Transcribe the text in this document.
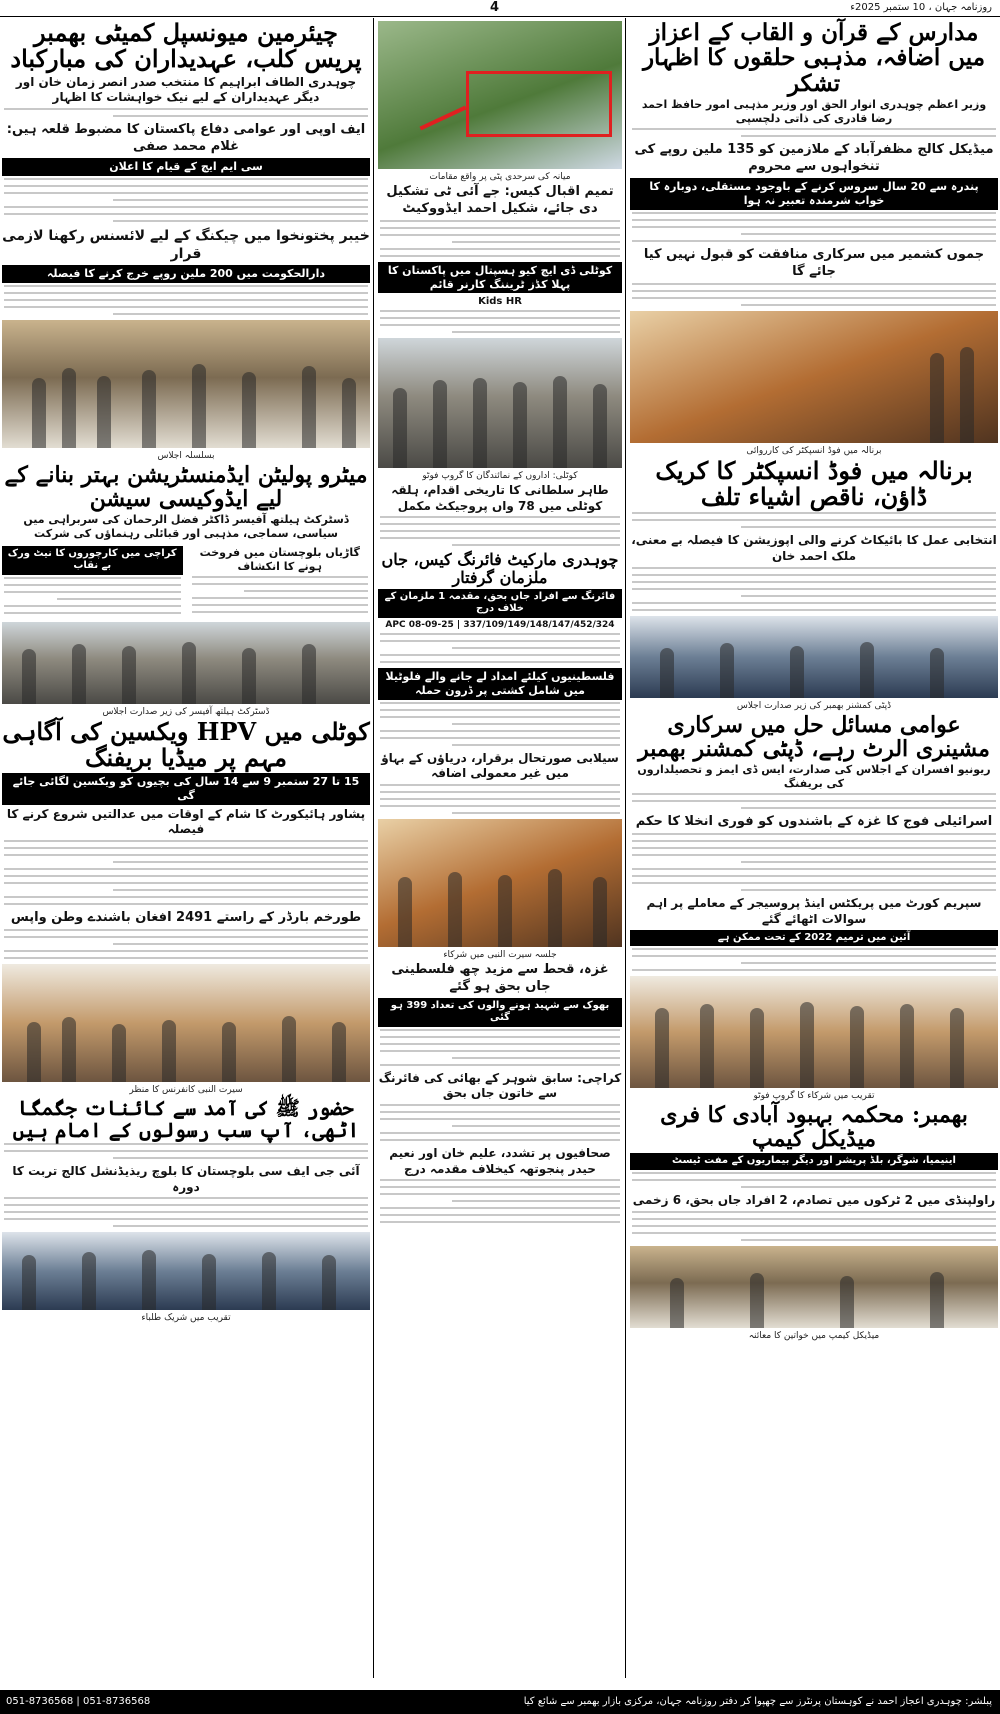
4	روزنامہ جہان ، 10 ستمبر 2025ء
چیئرمین میونسپل کمیٹی بھمبر پریس کلب، عہدیداران کی مبارکباد
چوہدری الطاف ابراہیم کا منتخب صدر انصر زمان خان اور دیگر عہدیداران کے لیے نیک خواہشات کا اظہار
ایف اوپی اور عوامی دفاع پاکستان کا مضبوط قلعہ ہیں: غلام محمد صفی
سی ایم ایچ کے قیام کا اعلان
خیبر پختونخوا میں چیکنگ کے لیے لائسنس رکھنا لازمی قرار
دارالحکومت میں 200 ملین روپے خرج کرنے کا فیصلہ
بسلسلہ اجلاس
میٹرو پولیٹن ایڈمنسٹریشن بہتر بنانے کے لیے ایڈوکیسی سیشن
ڈسٹرکٹ ہیلتھ آفیسر ڈاکٹر فضل الرحمان کی سربراہی میں سیاسی، سماجی، مذہبی اور قبائلی رہنماؤں کی شرکت
کراچی میں کارچوروں کا نیٹ ورک بے نقاب
گاڑیاں بلوچستان میں فروخت ہونے کا انکشاف
ڈسٹرکٹ ہیلتھ آفیسر کی زیر صدارت اجلاس
کوٹلی میں HPV ویکسین کی آگاہی مہم پر میڈیا بریفنگ
15 تا 27 ستمبر 9 سے 14 سال کی بچیوں کو ویکسین لگائی جائے گی
پشاور ہائیکورٹ کا شام کے اوقات میں عدالتیں شروع کرنے کا فیصلہ
طورخم بارڈر کے راستے 2491 افغان باشندے وطن واپس
سیرت النبی کانفرنس کا منظر
حضور ﷺ کی آمد سے کائنات جگمگا اٹھی، آپ سب رسولوں کے امام ہیں
آئی جی ایف سی بلوچستان کا بلوچ ریذیڈنشل کالج تربت کا دورہ
تقریب میں شریک طلباء
میانہ کی سرحدی پٹی پر واقع مقامات
تمیم اقبال کیس: جے آئی ٹی تشکیل دی جائے، شکیل احمد ایڈووکیٹ
کوٹلی ڈی ایچ کیو ہسپتال میں پاکستان کا پہلا کڈز ٹریننگ کارنر قائم
Kids HR
کوٹلی: اداروں کے نمائندگان کا گروپ فوٹو
طاہر سلطانی کا تاریخی اقدام، ہلقہ کوٹلی میں 78 واں پروجیکٹ مکمل
چوہدری مارکیٹ فائرنگ کیس، جاں ملزمان گرفتار
فائرنگ سے افراد جاں بحق، مقدمہ 1 ملزمان کے خلاف درج
APC 08-09-25 | 337/109/149/148/147/452/324
فلسطینیوں کیلئے امداد لے جانے والے فلوٹیلا میں شامل کشتی پر ڈرون حملہ
سیلابی صورتحال برقرار، دریاؤں کے بہاؤ میں غیر معمولی اضافہ
جلسہ سیرت النبی میں شرکاء
غزہ، قحط سے مزید چھ فلسطینی جاں بحق ہو گئے
بھوک سے شہید ہونے والوں کی تعداد 399 ہو گئی
کراچی: سابق شوہر کے بھائی کی فائرنگ سے خاتون جاں بحق
صحافیوں پر تشدد، علیم خان اور نعیم حیدر پنجوتھہ کیخلاف مقدمہ درج
مدارس کے قرآن و القاب کے اعزاز میں اضافہ، مذہبی حلقوں کا اظہار تشکر
وزیر اعظم چوہدری انوار الحق اور وزیر مذہبی امور حافظ احمد رضا قادری کی ذاتی دلچسپی
میڈیکل کالج مظفرآباد کے ملازمین کو 135 ملین روپے کی تنخواہوں سے محروم
پندرہ سے 20 سال سروس کرنے کے باوجود مستقلی، دوبارہ کا خواب شرمندہ تعبیر نہ ہوا
جموں کشمیر میں سرکاری منافقت کو قبول نہیں کیا جائے گا
برنالہ میں فوڈ انسپکٹر کی کارروائی
برنالہ میں فوڈ انسپکٹر کا کریک ڈاؤن، ناقص اشیاء تلف
انتخابی عمل کا بائیکاٹ کرنے والی اپوزیشن کا فیصلہ بے معنی، ملک احمد خان
ڈپٹی کمشنر بھمبر کی زیر صدارت اجلاس
عوامی مسائل حل میں سرکاری مشینری الرٹ رہے، ڈپٹی کمشنر بھمبر
ریونیو افسران کے اجلاس کی صدارت، ایس ڈی ایمز و تحصیلداروں کی بریفنگ
اسرائیلی فوج کا غزہ کے باشندوں کو فوری انخلا کا حکم
سپریم کورٹ میں پریکٹس اینڈ پروسیجر کے معاملے پر اہم سوالات اٹھائے گئے
آئین میں ترمیم 2022 کے تحت ممکن ہے
تقریب میں شرکاء کا گروپ فوٹو
بھمبر: محکمہ بہبود آبادی کا فری میڈیکل کیمپ
اینیمیا، شوگر، بلڈ پریشر اور دیگر بیماریوں کے مفت ٹیسٹ
راولپنڈی میں 2 ٹرکوں میں تصادم، 2 افراد جاں بحق، 6 زخمی
میڈیکل کیمپ میں خواتین کا معائنہ
051-8736568 | 051-8736568	پبلشر: چوہدری اعجاز احمد نے کوہستان پرنٹرز سے چھپوا کر دفتر روزنامہ جہان، مرکزی بازار بھمبر سے شائع کیا
